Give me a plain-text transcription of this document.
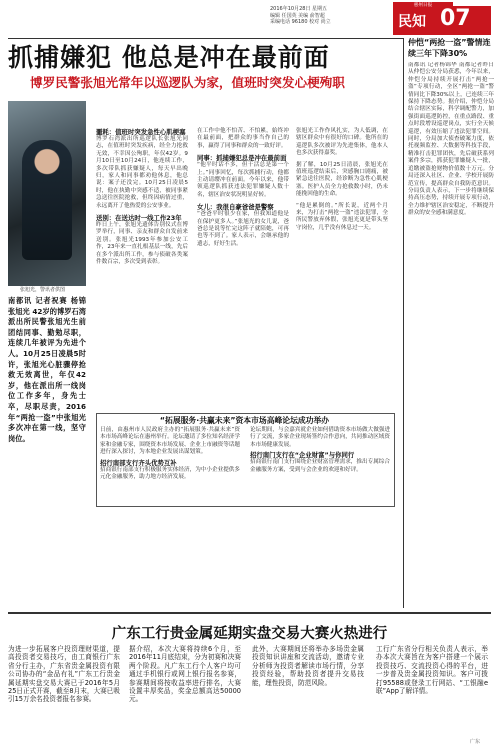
2016年10月28日 星期五
编辑 任国英 美编 俞智超
采编电话 96180 校对 尚立
惠州日报
民知 07
抓捕嫌犯 他总是冲在最前面
博罗民警张旭光常年以巡逻队为家，值班时突发心梗殉职
张旭光，警讯者供图
南都讯 记者祝赛 杨锦 张旭光 42岁的博罗石湾派出所民警张旭光生前团结同事、勤勉尽职，连续几年被评为先进个人。10月25日凌晨5时许，张旭光心脏骤停抢救无效离世，年仅42岁，他在派出所一线岗位工作多年，身先士卒，尽职尽责，2016年“两抢一盗”中张旭光多次冲在第一线，坚守岗位。
噩耗：值班时突发急性心肌梗塞
博罗石湾派出所巡逻队长张旭光同志，在值班时突发疾病，经全力抢救无效，不幸因公殉职，年仅42岁。9月10日至10月24日，他连续工作，多次带队抓获嫌疑人，每天早出晚归，家人和同事都劝他休息，他总说：案子还没完。10月25日凌晨5时，他在执勤中突感不适，被同事紧急送往医院抢救，但终因病情过重，永远离开了他热爱的公安事业。
送别：在送达时一线工作23年
昨日上午，张旭光遗体告别仪式在博罗举行，同事、亲友和群众自发前来送别。张旭光1993年参加公安工作，23年来一直扎根基层一线，先后在多个派出所工作，参与侦破各类案件数百宗，多次受到表彰。
在工作中他不怕苦、不怕累，始终冲在最前面，把群众的事当作自己的事，赢得了同事和群众的一致好评。
同事：抓捕嫌犯总是冲在最前面
“他平时话不多，但干活总是第一个上。”同事回忆，每次抓捕行动，他都主动请缨冲在前面。今年以来，他带领巡逻队抓获违法犯罪嫌疑人数十名，辖区治安状况明显好转。
女儿：我很自豪爸爸是警察
“爸爸平时很少在家，但我知道他是在保护更多人。”张旭光的女儿说，爸爸总是说等忙完这阵子就陪她，可再也等不到了。家人表示，会继承他的遗志，好好生活。
张旭光工作作风扎实，为人低调，在辖区群众中有很好的口碑。他所在的巡逻队多次被评为先进集体，他本人也多次获得嘉奖。
据了解，10月25日清晨，张旭光在值班巡逻结束后，突感胸口剧痛，被紧急送往医院，经诊断为急性心肌梗塞。医护人员全力抢救数小时，仍未能挽回他的生命。
“他是累倒的。”所长说，近两个月来，为打击“两抢一盗”违法犯罪，全所民警放弃休假，张旭光更是带头坚守岗位，几乎没有休息过一天。
“拓展服务·共赢未来”资本市场高峰论坛成功举办
日前，由惠州市人民政府主办的“拓展服务·共赢未来”资本市场高峰论坛在惠州举行。论坛邀请了多位知名经济学家和金融专家，围绕资本市场发展、企业上市融资等话题进行深入探讨，为本地企业发展出谋划策。
招行南部支行齐头优势互补
招商银行南部支行积极服务实体经济，为中小企业提供多元化金融服务，助力地方经济发展。
论坛期间，与会嘉宾就企业如何借助资本市场做大做强进行了交流，多家企业现场签约合作意向，共同推动区域资本市场健康发展。
招行南门支行在“企业财富”与你同行
招商银行南门支行围绕企业财富管理需求，推出专属综合金融服务方案，受到与会企业的欢迎和好评。
仲恺“两抢一盗”警情连续三年下降30%
南都讯 记者杨锦华 南都记者昨日从仲恺公安分局获悉，今年以来，仲恺分局持续开展打击“两抢一盗”专项行动，全区“两抢一盗”警情同比下降30%以上，已连续三年保持下降态势。据介绍，仲恺分局结合辖区实际，科学调配警力，加强街面巡逻防控，在重点路段、重点时段增设巡逻岗点，实行全天候巡逻，有效压缩了违法犯罪空间。同时，分局加大侦查破案力度，依托视频监控、大数据等科技手段，精准打击犯罪团伙，先后破获系列案件多宗，抓获犯罪嫌疑人一批，追缴被盗抢财物价值数十万元。分局还深入社区、企业、学校开展防范宣传，提高群众自我防范意识。分局负责人表示，下一步将继续保持高压态势，持续开展专项行动，全力维护辖区治安稳定，不断提升群众的安全感和满意度。
广东工行贵金属延期实盘交易大赛火热进行
为进一步拓展客户投资理财渠道，提高投资者交易技巧，由工商银行广东省分行主办，广东省贵金属投资有限公司协办的“金品有礼”广东工行贵金属延期实盘交易大赛已于2016年5月25日正式开赛，截至8月末，大赛已吸引15万余名投资者报名参赛。
据介绍，本次大赛将持续6个月，至2016年11月底结束，分为初赛和决赛两个阶段。凡广东工行个人客户均可通过手机银行或网上银行报名参赛，参赛期间将按收益率进行排名，大赛设置丰厚奖品，奖金总额高达50000元。
此外，大赛期间还将举办多场贵金属投资知识讲座和交流活动，邀请专业分析师为投资者解读市场行情，分享投资经验，帮助投资者提升交易技能，理性投资，防范风险。
工行广东省分行相关负责人表示，举办本次大赛旨在为客户搭建一个展示投资技巧、交流投资心得的平台，进一步普及贵金属投资知识。客户可拨打95588或登录工行网站、“工银融e联”App了解详情。
广东
